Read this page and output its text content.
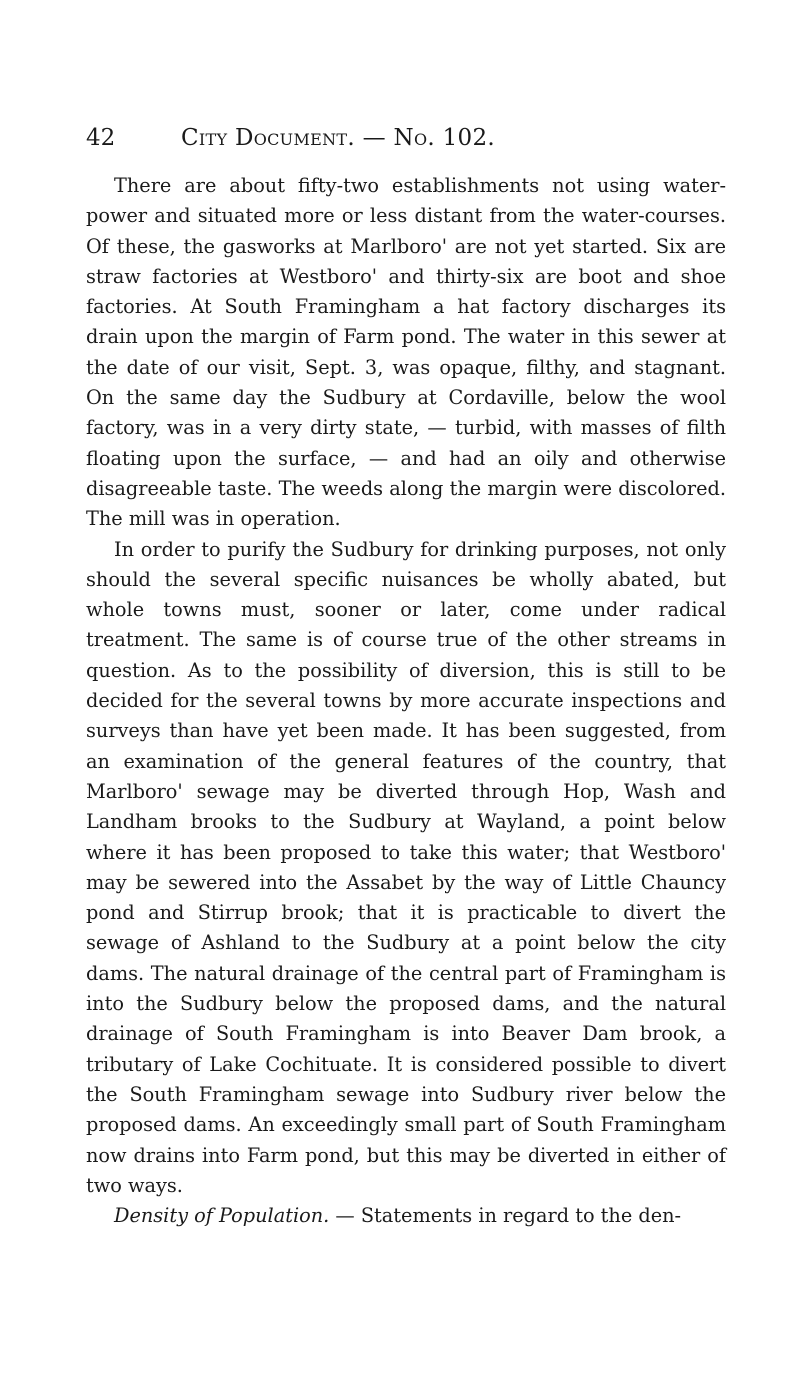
42	City Document. — No. 102.

There are about fifty-two establishments not using water-power and situated more or less distant from the water-courses. Of these, the gasworks at Marlboro' are not yet started. Six are straw factories at Westboro' and thirty-six are boot and shoe factories. At South Framingham a hat factory discharges its drain upon the margin of Farm pond. The water in this sewer at the date of our visit, Sept. 3, was opaque, filthy, and stagnant. On the same day the Sudbury at Cordaville, below the wool factory, was in a very dirty state, — turbid, with masses of filth floating upon the surface, — and had an oily and otherwise disagreeable taste. The weeds along the margin were discolored. The mill was in operation.

In order to purify the Sudbury for drinking purposes, not only should the several specific nuisances be wholly abated, but whole towns must, sooner or later, come under radical treatment. The same is of course true of the other streams in question. As to the possibility of diversion, this is still to be decided for the several towns by more accurate inspections and surveys than have yet been made. It has been suggested, from an examination of the general features of the country, that Marlboro' sewage may be diverted through Hop, Wash and Landham brooks to the Sudbury at Wayland, a point below where it has been proposed to take this water; that Westboro' may be sewered into the Assabet by the way of Little Chauncy pond and Stirrup brook; that it is practicable to divert the sewage of Ashland to the Sudbury at a point below the city dams. The natural drainage of the central part of Framingham is into the Sudbury below the proposed dams, and the natural drainage of South Framingham is into Beaver Dam brook, a tributary of Lake Cochituate. It is considered possible to divert the South Framingham sewage into Sudbury river below the proposed dams. An exceedingly small part of South Framingham now drains into Farm pond, but this may be diverted in either of two ways.

Density of Population. — Statements in regard to the den-
